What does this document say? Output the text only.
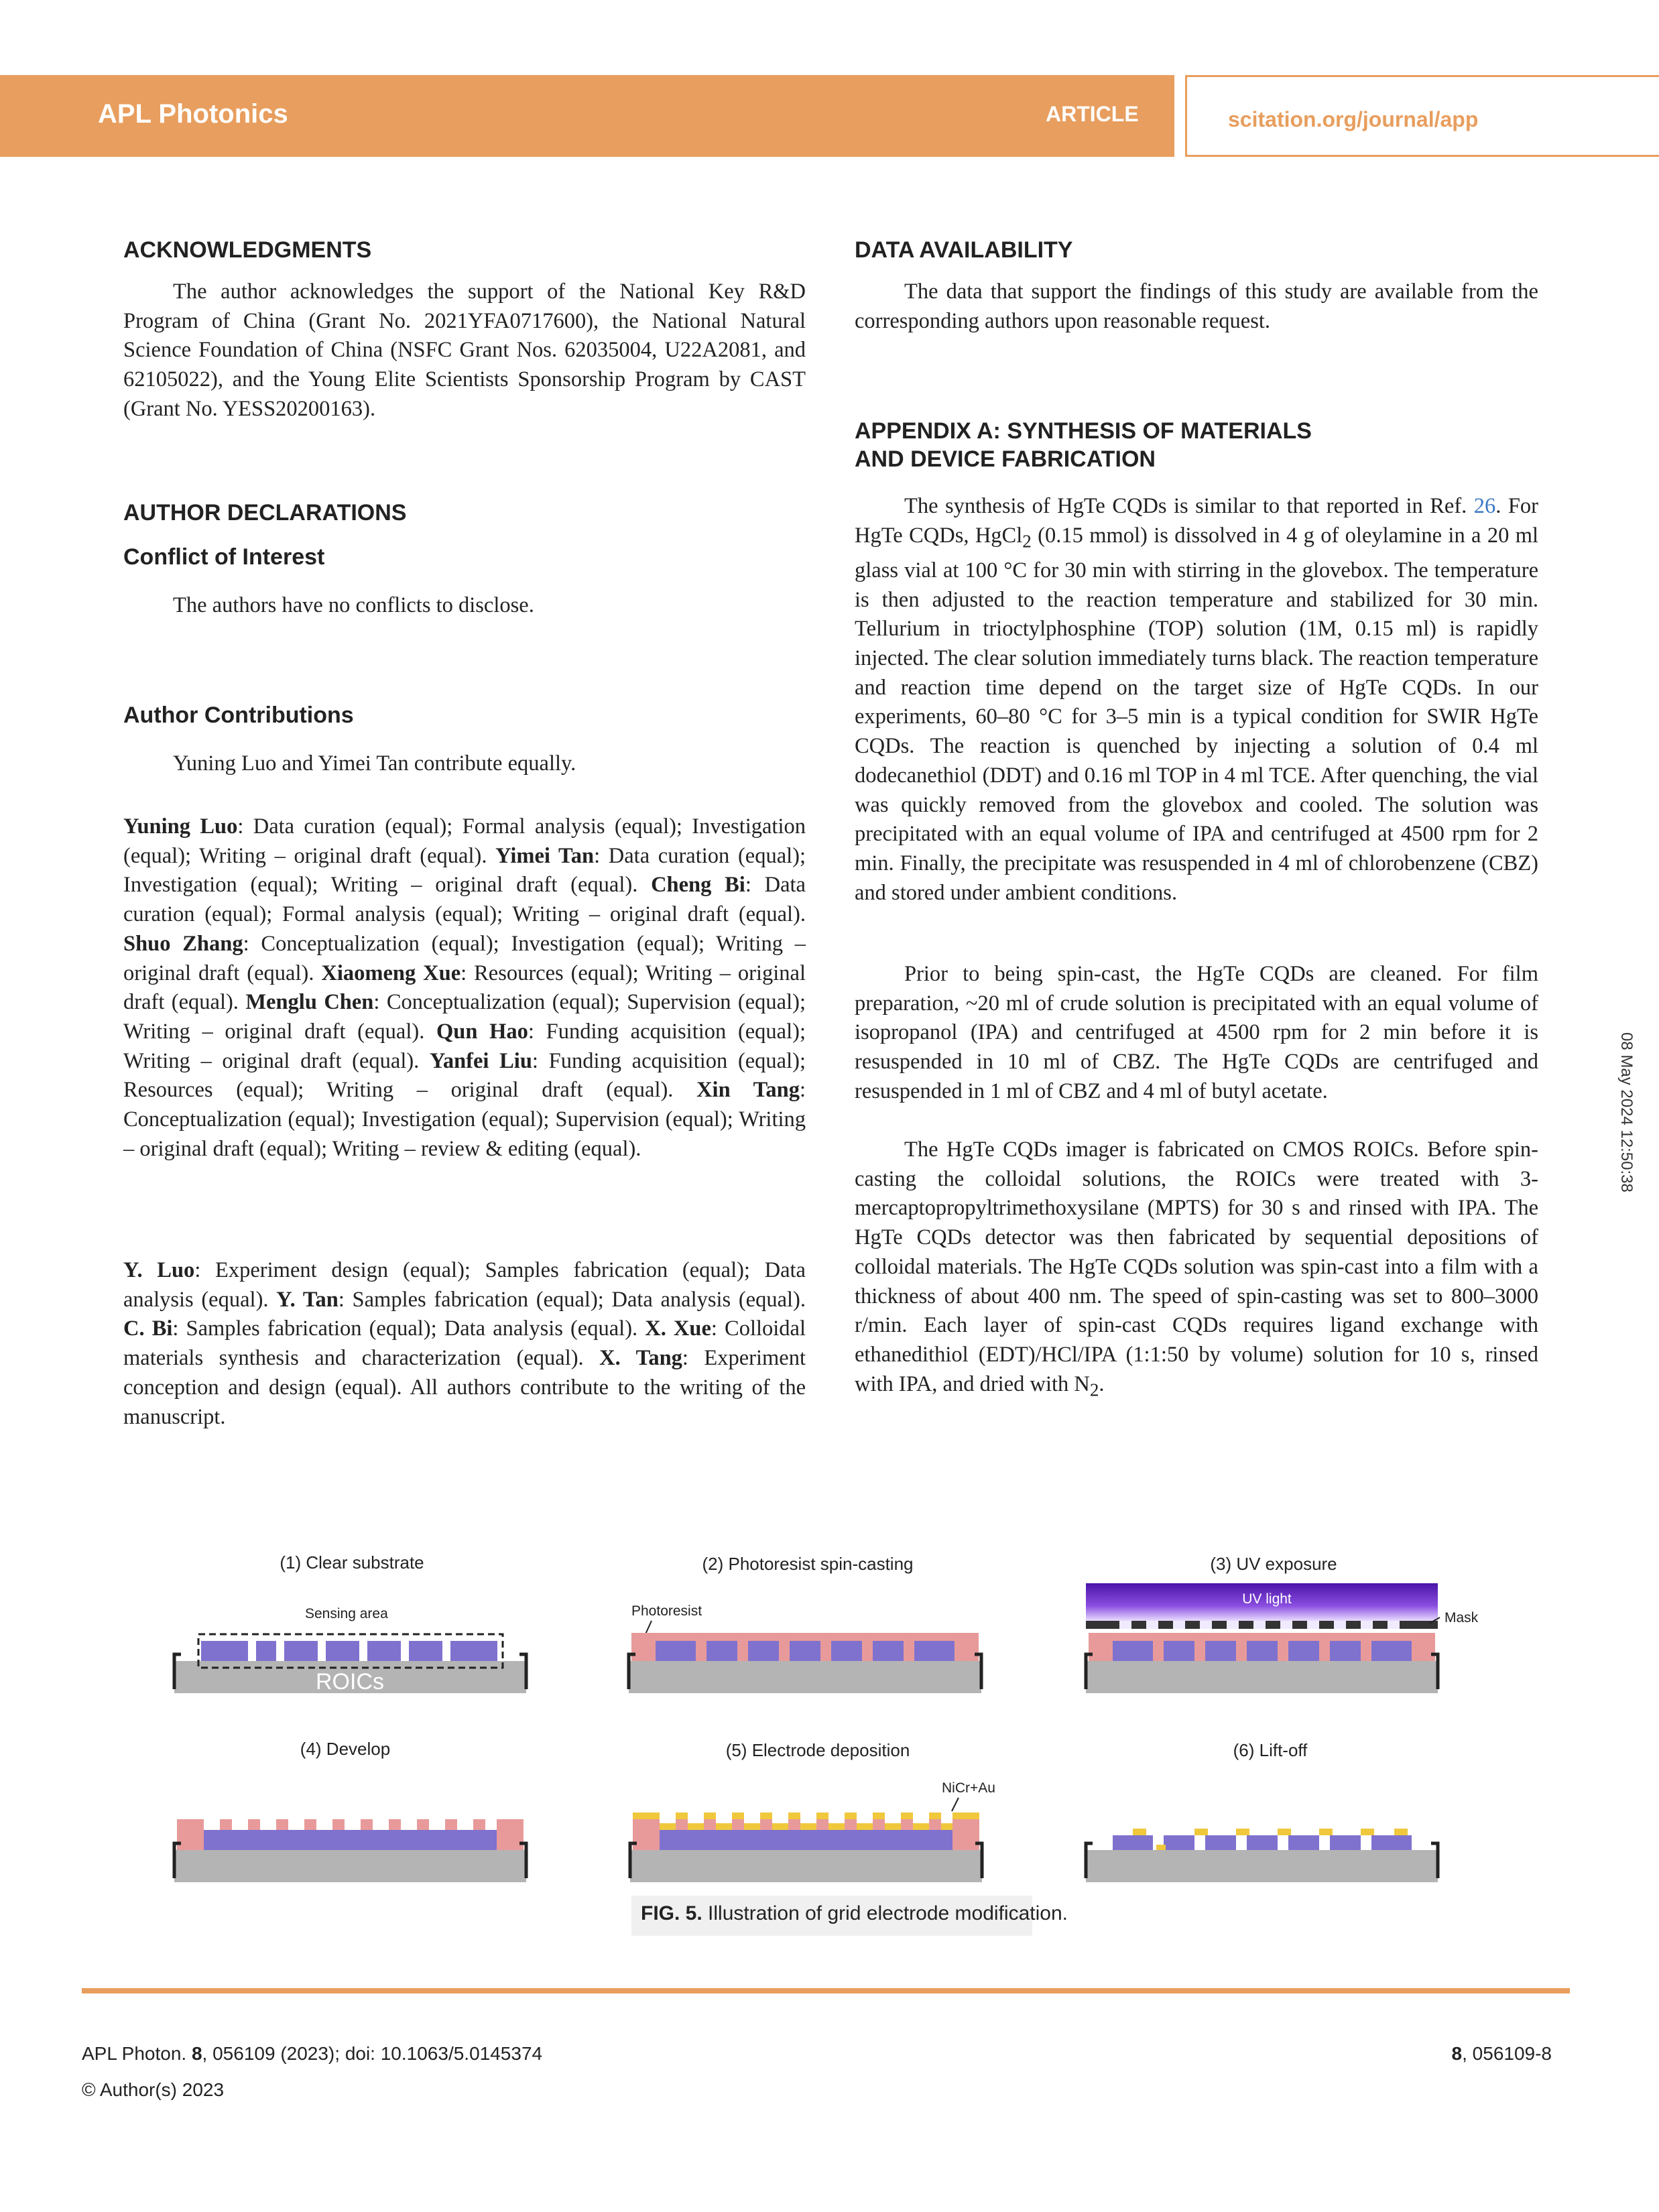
APL Photonics	ARTICLE	scitation.org/journal/app
ACKNOWLEDGMENTS
The author acknowledges the support of the National Key R&D Program of China (Grant No. 2021YFA0717600), the National Natural Science Foundation of China (NSFC Grant Nos. 62035004, U22A2081, and 62105022), and the Young Elite Scientists Sponsorship Program by CAST (Grant No. YESS20200163).
AUTHOR DECLARATIONS
Conflict of Interest
The authors have no conflicts to disclose.
Author Contributions
Yuning Luo and Yimei Tan contribute equally.
Yuning Luo: Data curation (equal); Formal analysis (equal); Investigation (equal); Writing – original draft (equal). Yimei Tan: Data curation (equal); Investigation (equal); Writing – original draft (equal). Cheng Bi: Data curation (equal); Formal analysis (equal); Writing – original draft (equal). Shuo Zhang: Conceptualization (equal); Investigation (equal); Writing – original draft (equal). Xiaomeng Xue: Resources (equal); Writing – original draft (equal). Menglu Chen: Conceptualization (equal); Supervision (equal); Writing – original draft (equal). Qun Hao: Funding acquisition (equal); Writing – original draft (equal). Yanfei Liu: Funding acquisition (equal); Resources (equal); Writing – original draft (equal). Xin Tang: Conceptualization (equal); Investigation (equal); Supervision (equal); Writing – original draft (equal); Writing – review & editing (equal).
Y. Luo: Experiment design (equal); Samples fabrication (equal); Data analysis (equal). Y. Tan: Samples fabrication (equal); Data analysis (equal). C. Bi: Samples fabrication (equal); Data analysis (equal). X. Xue: Colloidal materials synthesis and characterization (equal). X. Tang: Experiment conception and design (equal). All authors contribute to the writing of the manuscript.
DATA AVAILABILITY
The data that support the findings of this study are available from the corresponding authors upon reasonable request.
APPENDIX A: SYNTHESIS OF MATERIALS
AND DEVICE FABRICATION
The synthesis of HgTe CQDs is similar to that reported in Ref. 26. For HgTe CQDs, HgCl$_2$ (0.15 mmol) is dissolved in 4 g of oleylamine in a 20 ml glass vial at 100 °C for 30 min with stirring in the glovebox. The temperature is then adjusted to the reaction temperature and stabilized for 30 min. Tellurium in trioctylphosphine (TOP) solution (1M, 0.15 ml) is rapidly injected. The clear solution immediately turns black. The reaction temperature and reaction time depend on the target size of HgTe CQDs. In our experiments, 60–80 °C for 3–5 min is a typical condition for SWIR HgTe CQDs. The reaction is quenched by injecting a solution of 0.4 ml dodecanethiol (DDT) and 0.16 ml TOP in 4 ml TCE. After quenching, the vial was quickly removed from the glovebox and cooled. The solution was precipitated with an equal volume of IPA and centrifuged at 4500 rpm for 2 min. Finally, the precipitate was resuspended in 4 ml of chlorobenzene (CBZ) and stored under ambient conditions.
Prior to being spin-cast, the HgTe CQDs are cleaned. For film preparation, ~20 ml of crude solution is precipitated with an equal volume of isopropanol (IPA) and centrifuged at 4500 rpm for 2 min before it is resuspended in 10 ml of CBZ. The HgTe CQDs are centrifuged and resuspended in 1 ml of CBZ and 4 ml of butyl acetate.
The HgTe CQDs imager is fabricated on CMOS ROICs. Before spin-casting the colloidal solutions, the ROICs were treated with 3-mercaptopropyltrimethoxysilane (MPTS) for 30 s and rinsed with IPA. The HgTe CQDs detector was then fabricated by sequential depositions of colloidal materials. The HgTe CQDs solution was spin-cast into a film with a thickness of about 400 nm. The speed of spin-casting was set to 800–3000 r/min. Each layer of spin-cast CQDs requires ligand exchange with ethanedithiol (EDT)/HCl/IPA (1:1:50 by volume) solution for 10 s, rinsed with IPA, and dried with $N_2$.
08 May 2024 12:50:38
(1) Clear substrate	(2) Photoresist spin-casting	(3) UV exposure
(4) Develop	(5) Electrode deposition	(6) Lift-off
Sensing area
ROICs
Photoresist
UV light
Mask
NiCr+Au
FIG. 5. Illustration of grid electrode modification.
APL Photon. 8, 056109 (2023); doi: 10.1063/5.0145374
© Author(s) 2023
8, 056109-8
